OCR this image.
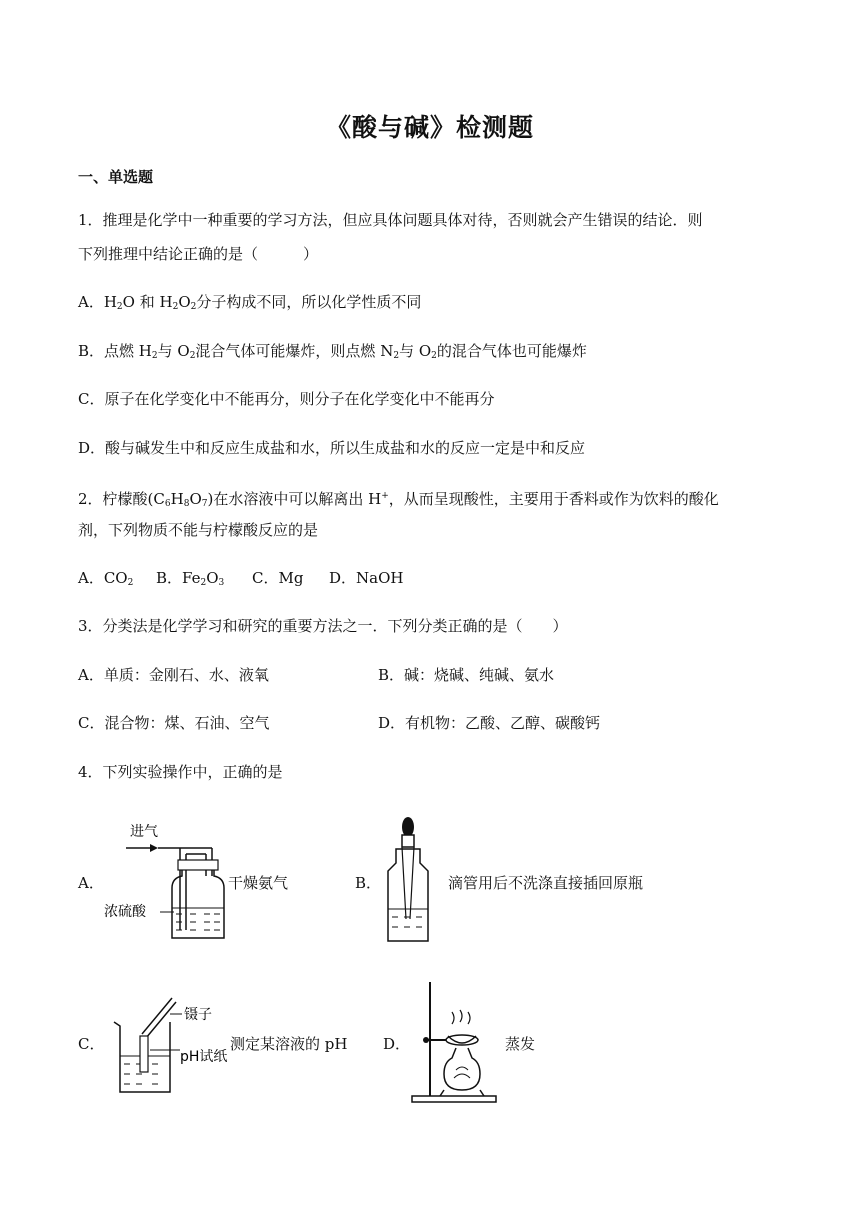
《酸与碱》检测题
一、单选题
1．推理是化学中一种重要的学习方法，但应具体问题具体对待，否则就会产生错误的结论．则
下列推理中结论正确的是（　　　）
A．$H_2O$ 和 $H_2O_2$分子构成不同，所以化学性质不同
B．点燃 $H_2$与 $O_2$混合气体可能爆炸，则点燃 $N_2$与 $O_2$的混合气体也可能爆炸
C．原子在化学变化中不能再分，则分子在化学变化中不能再分
D．酸与碱发生中和反应生成盐和水，所以生成盐和水的反应一定是中和反应
2．柠檬酸$(C_6H_8O_7)$在水溶液中可以解离出 H+，从而呈现酸性，主要用于香料或作为饮料的酸化
剂，下列物质不能与柠檬酸反应的是
A．$CO_2$ B．$Fe_2O_3$ C．Mg D．NaOH
3．分类法是化学学习和研究的重要方法之一．下列分类正确的是（　　）
A．单质：金刚石、水、液氧	B．碱：烧碱、纯碱、氨水
C．混合物：煤、石油、空气	D．有机物：乙酸、乙醇、碳酸钙
4．下列实验操作中，正确的是
A．
进气
浓硫酸
干燥氨气	B．	滴管用后不洗涤直接插回原瓶
C．
镊子
pH试纸
测定某溶液的 pH D．	蒸发
